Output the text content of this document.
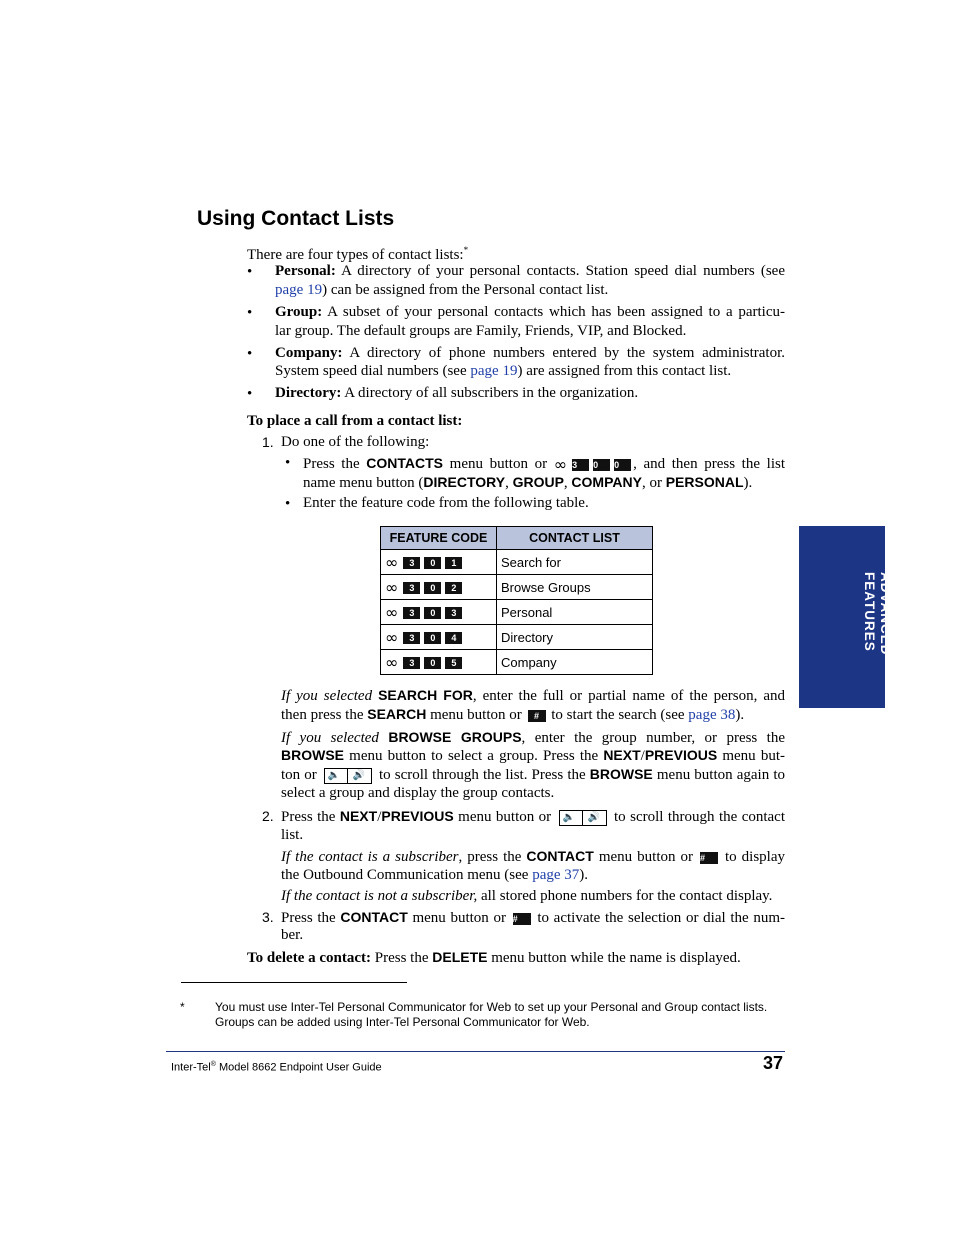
Using Contact Lists
There are four types of contact lists:*
• Personal: A directory of your personal contacts. Station speed dial numbers (see
page 19) can be assigned from the Personal contact list.
• Group: A subset of your personal contacts which has been assigned to a particu-
lar group. The default groups are Family, Friends, VIP, and Blocked.
• Company: A directory of phone numbers entered by the system administrator.
System speed dial numbers (see page 19) are assigned from this contact list.
• Directory: A directory of all subscribers in the organization.
To place a call from a contact list:
1. Do one of the following:
• Press the CONTACTS menu button or ∞ 3 0 0 , and then press the list
name menu button (DIRECTORY, GROUP, COMPANY, or PERSONAL).
• Enter the feature code from the following table.
FEATURE CODE	CONTACT LIST
∞ 3 0 1	Search for
∞ 3 0 2	Browse Groups
∞ 3 0 3	Personal
∞ 3 0 4	Directory
∞ 3 0 5	Company
If you selected SEARCH FOR, enter the full or partial name of the person, and
then press the SEARCH menu button or # to start the search (see page 38).
If you selected BROWSE GROUPS, enter the group number, or press the
BROWSE menu button to select a group. Press the NEXT/PREVIOUS menu but-
ton or 🔈 🔊 to scroll through the list. Press the BROWSE menu button again to
select a group and display the group contacts.
2. Press the NEXT/PREVIOUS menu button or 🔈 🔊 to scroll through the contact
list.
If the contact is a subscriber, press the CONTACT menu button or # to display
the Outbound Communication menu (see page 37).
If the contact is not a subscriber, all stored phone numbers for the contact display.
3. Press the CONTACT menu button or # to activate the selection or dial the num-
ber.
To delete a contact: Press the DELETE menu button while the name is displayed.
*	You must use Inter-Tel Personal Communicator for Web to set up your Personal and Group contact lists.
Groups can be added using Inter-Tel Personal Communicator for Web.
Inter-Tel® Model 8662 Endpoint User Guide	37
ADVANCED
FEATURES
